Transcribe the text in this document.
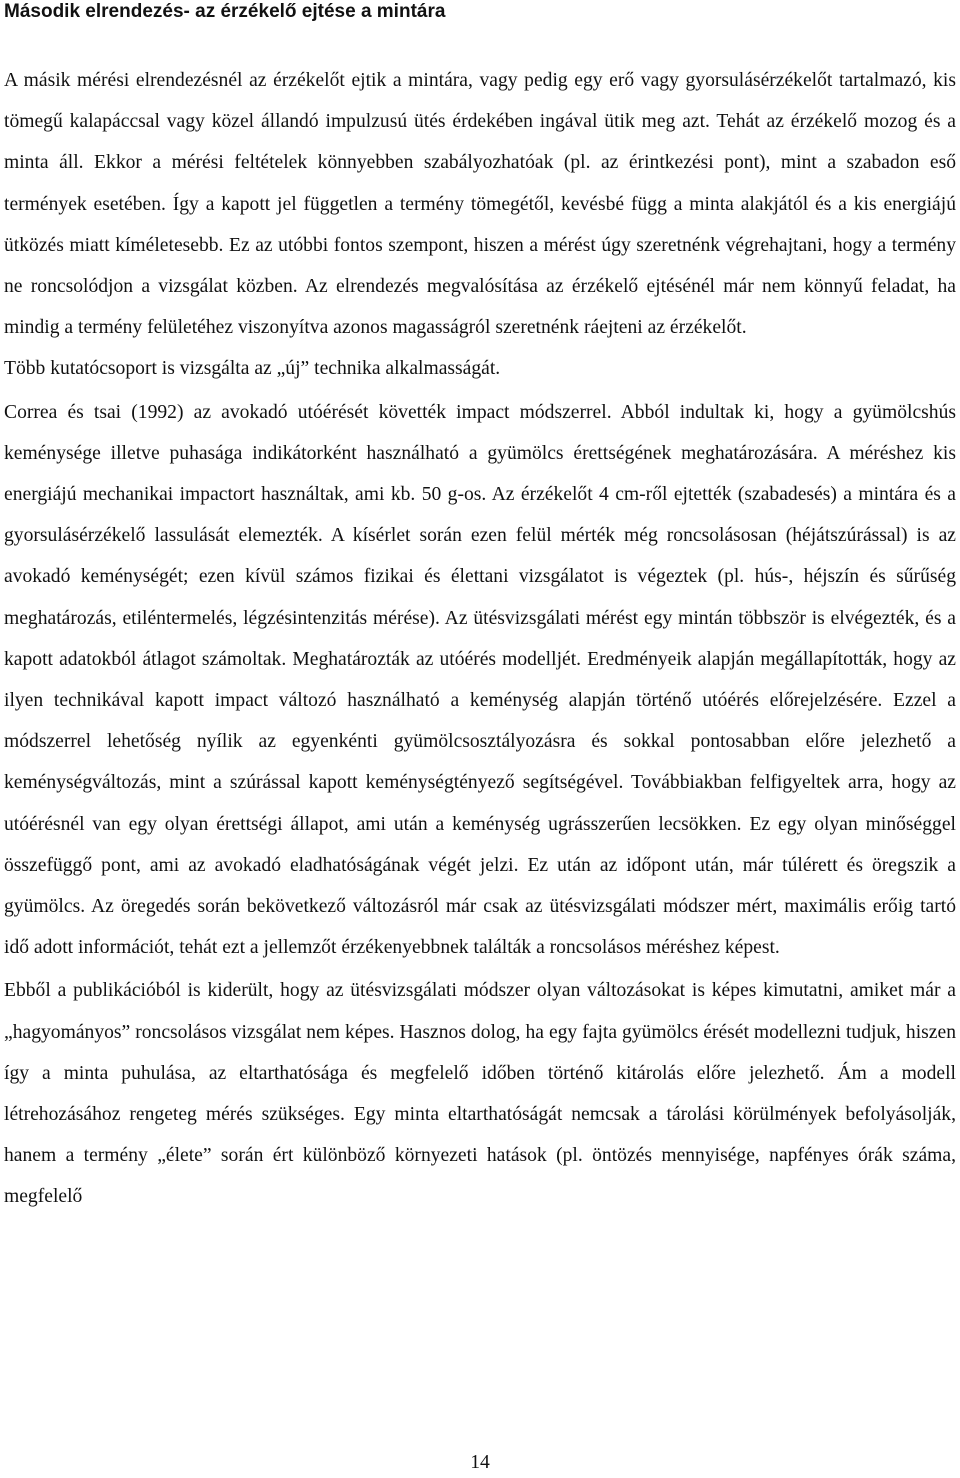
Második elrendezés- az érzékelő ejtése a mintára

A másik mérési elrendezésnél az érzékelőt ejtik a mintára, vagy pedig egy erő vagy gyorsulásérzékelőt tartalmazó, kis tömegű kalapáccsal vagy közel állandó impulzusú ütés érdekében ingával ütik meg azt. Tehát az érzékelő mozog és a minta áll. Ekkor a mérési feltételek könnyebben szabályozhatóak (pl. az érintkezési pont), mint a szabadon eső termények esetében. Így a kapott jel független a termény tömegétől, kevésbé függ a minta alakjától és a kis energiájú ütközés miatt kíméletesebb. Ez az utóbbi fontos szempont, hiszen a mérést úgy szeretnénk végrehajtani, hogy a termény ne roncsolódjon a vizsgálat közben. Az elrendezés megvalósítása az érzékelő ejtésénél már nem könnyű feladat, ha mindig a termény felületéhez viszonyítva azonos magasságról szeretnénk ráejteni az érzékelőt.

Több kutatócsoport is vizsgálta az „új” technika alkalmasságát.

Correa és tsai (1992) az avokadó utóérését követték impact módszerrel. Abból indultak ki, hogy a gyümölcshús keménysége illetve puhasága indikátorként használható a gyümölcs érettségének meghatározására. A méréshez kis energiájú mechanikai impactort használtak, ami kb. 50 g-os. Az érzékelőt 4 cm-ről ejtették (szabadesés) a mintára és a gyorsulásérzékelő lassulását elemezték. A kísérlet során ezen felül mérték még roncsolásosan (héjátszúrással) is az avokadó keménységét; ezen kívül számos fizikai és élettani vizsgálatot is végeztek (pl. hús-, héjszín és sűrűség meghatározás, etiléntermelés, légzésintenzitás mérése). Az ütésvizsgálati mérést egy mintán többször is elvégezték, és a kapott adatokból átlagot számoltak. Meghatározták az utóérés modelljét. Eredményeik alapján megállapították, hogy az ilyen technikával kapott impact változó használható a keménység alapján történő utóérés előrejelzésére. Ezzel a módszerrel lehetőség nyílik az egyenkénti gyümölcsosztályozásra és sokkal pontosabban előre jelezhető a keménységváltozás, mint a szúrással kapott keménységtényező segítségével. Továbbiakban felfigyeltek arra, hogy az utóérésnél van egy olyan érettségi állapot, ami után a keménység ugrásszerűen lecsökken. Ez egy olyan minőséggel összefüggő pont, ami az avokadó eladhatóságának végét jelzi. Ez után az időpont után, már túlérett és öregszik a gyümölcs. Az öregedés során bekövetkező változásról már csak az ütésvizsgálati módszer mért, maximális erőig tartó idő adott információt, tehát ezt a jellemzőt érzékenyebbnek találták a roncsolásos méréshez képest.

Ebből a publikációból is kiderült, hogy az ütésvizsgálati módszer olyan változásokat is képes kimutatni, amiket már a „hagyományos” roncsolásos vizsgálat nem képes. Hasznos dolog, ha egy fajta gyümölcs érését modellezni tudjuk, hiszen így a minta puhulása, az eltarthatósága és megfelelő időben történő kitárolás előre jelezhető. Ám a modell létrehozásához rengeteg mérés szükséges. Egy minta eltarthatóságát nemcsak a tárolási körülmények befolyásolják, hanem a termény „élete” során ért különböző környezeti hatások (pl. öntözés mennyisége, napfényes órák száma, megfelelő

14
